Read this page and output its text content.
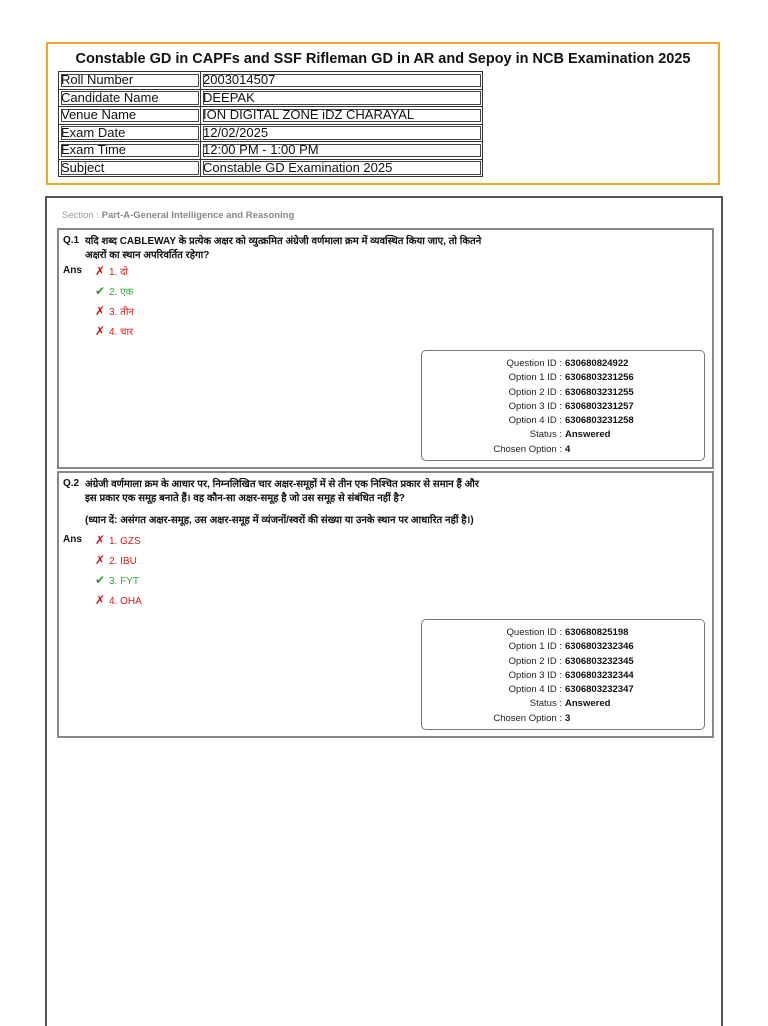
Constable GD in CAPFs and SSF Rifleman GD in AR and Sepoy in NCB Examination 2025
Roll Number	2003014507
Candidate Name	DEEPAK
Venue Name	ION DIGITAL ZONE iDZ CHARAYAL
Exam Date	12/02/2025
Exam Time	12:00 PM - 1:00 PM
Subject	Constable GD Examination 2025
Section : Part-A-General Intelligence and Reasoning
Q.1 यदि शब्द CABLEWAY के प्रत्येक अक्षर को व्युत्क्रमित अंग्रेजी वर्णमाला क्रम में व्यवस्थित किया जाए, तो कितने
अक्षरों का स्थान अपरिवर्तित रहेगा?
Ans ✗ 1. दो
✔ 2. एक
✗ 3. तीन
✗ 4. चार
Question ID : 630680824922
Option 1 ID : 6306803231256
Option 2 ID : 6306803231255
Option 3 ID : 6306803231257
Option 4 ID : 6306803231258
Status : Answered
Chosen Option : 4
Q.2 अंग्रेजी वर्णमाला क्रम के आधार पर, निम्नलिखित चार अक्षर-समूहों में से तीन एक निश्चित प्रकार से समान हैं और
इस प्रकार एक समूह बनाते हैं। वह कौन-सा अक्षर-समूह है जो उस समूह से संबंधित नहीं है?
(ध्यान दें: असंगत अक्षर-समूह, उस अक्षर-समूह में व्यंजनों/स्वरों की संख्या या उनके स्थान पर आधारित नहीं है।)
Ans ✗ 1. GZS
✗ 2. IBU
✔ 3. FYT
✗ 4. OHA
Question ID : 630680825198
Option 1 ID : 6306803232346
Option 2 ID : 6306803232345
Option 3 ID : 6306803232344
Option 4 ID : 6306803232347
Status : Answered
Chosen Option : 3
